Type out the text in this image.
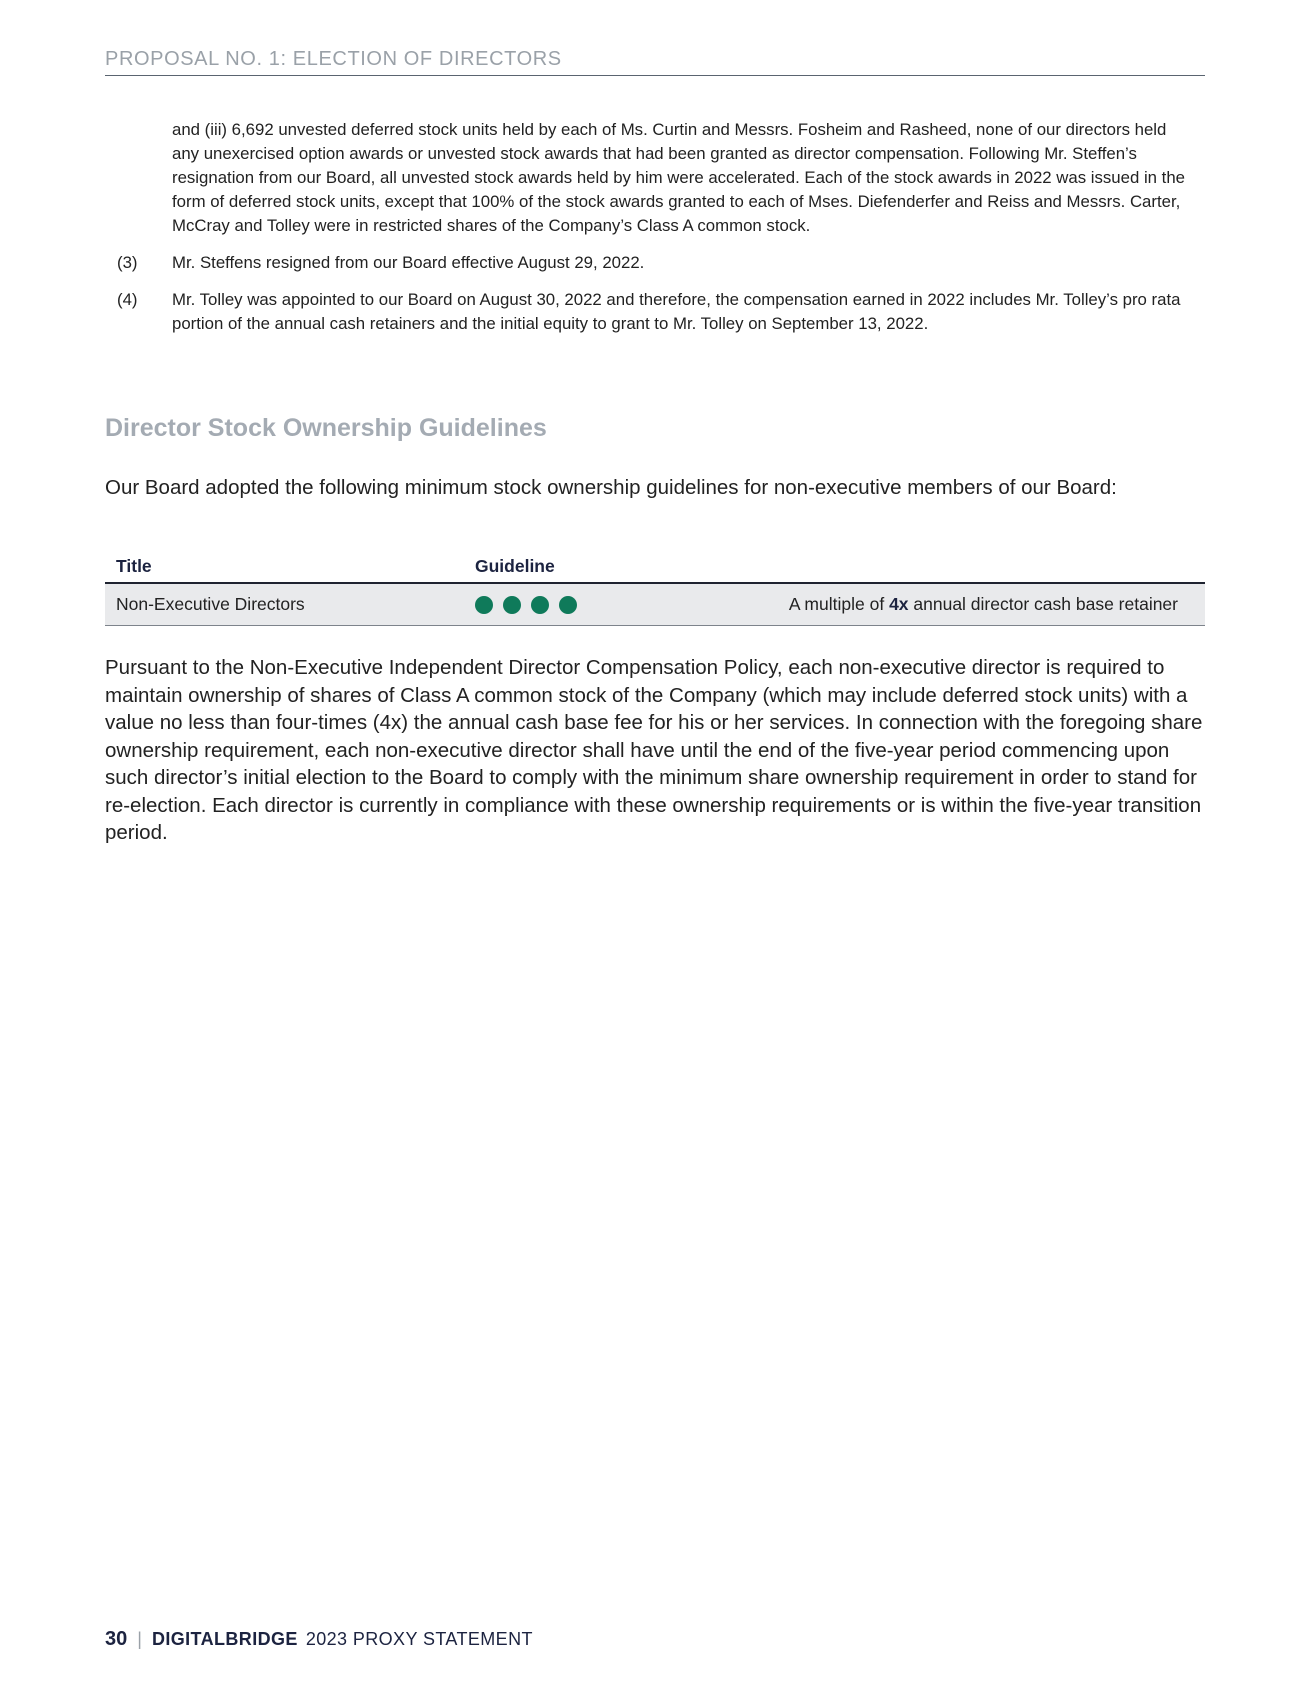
PROPOSAL NO. 1: ELECTION OF DIRECTORS
and (iii) 6,692 unvested deferred stock units held by each of Ms. Curtin and Messrs. Fosheim and Rasheed, none of our directors held any unexercised option awards or unvested stock awards that had been granted as director compensation. Following Mr. Steffen’s resignation from our Board, all unvested stock awards held by him were accelerated. Each of the stock awards in 2022 was issued in the form of deferred stock units, except that 100% of the stock awards granted to each of Mses. Diefenderfer and Reiss and Messrs. Carter, McCray and Tolley were in restricted shares of the Company’s Class A common stock.
(3)	Mr. Steffens resigned from our Board effective August 29, 2022.
(4)	Mr. Tolley was appointed to our Board on August 30, 2022 and therefore, the compensation earned in 2022 includes Mr. Tolley’s pro rata portion of the annual cash retainers and the initial equity to grant to Mr. Tolley on September 13, 2022.
Director Stock Ownership Guidelines

Our Board adopted the following minimum stock ownership guidelines for non-executive members of our Board:

Title	Guideline
Non-Executive Directors	A multiple of 4x annual director cash base retainer

Pursuant to the Non-Executive Independent Director Compensation Policy, each non-executive director is required to maintain ownership of shares of Class A common stock of the Company (which may include deferred stock units) with a value no less than four-times (4x) the annual cash base fee for his or her services. In connection with the foregoing share ownership requirement, each non-executive director shall have until the end of the five-year period commencing upon such director’s initial election to the Board to comply with the minimum share ownership requirement in order to stand for re-election. Each director is currently in compliance with these ownership requirements or is within the five-year transition period.

30 | DIGITALBRIDGE 2023 PROXY STATEMENT
